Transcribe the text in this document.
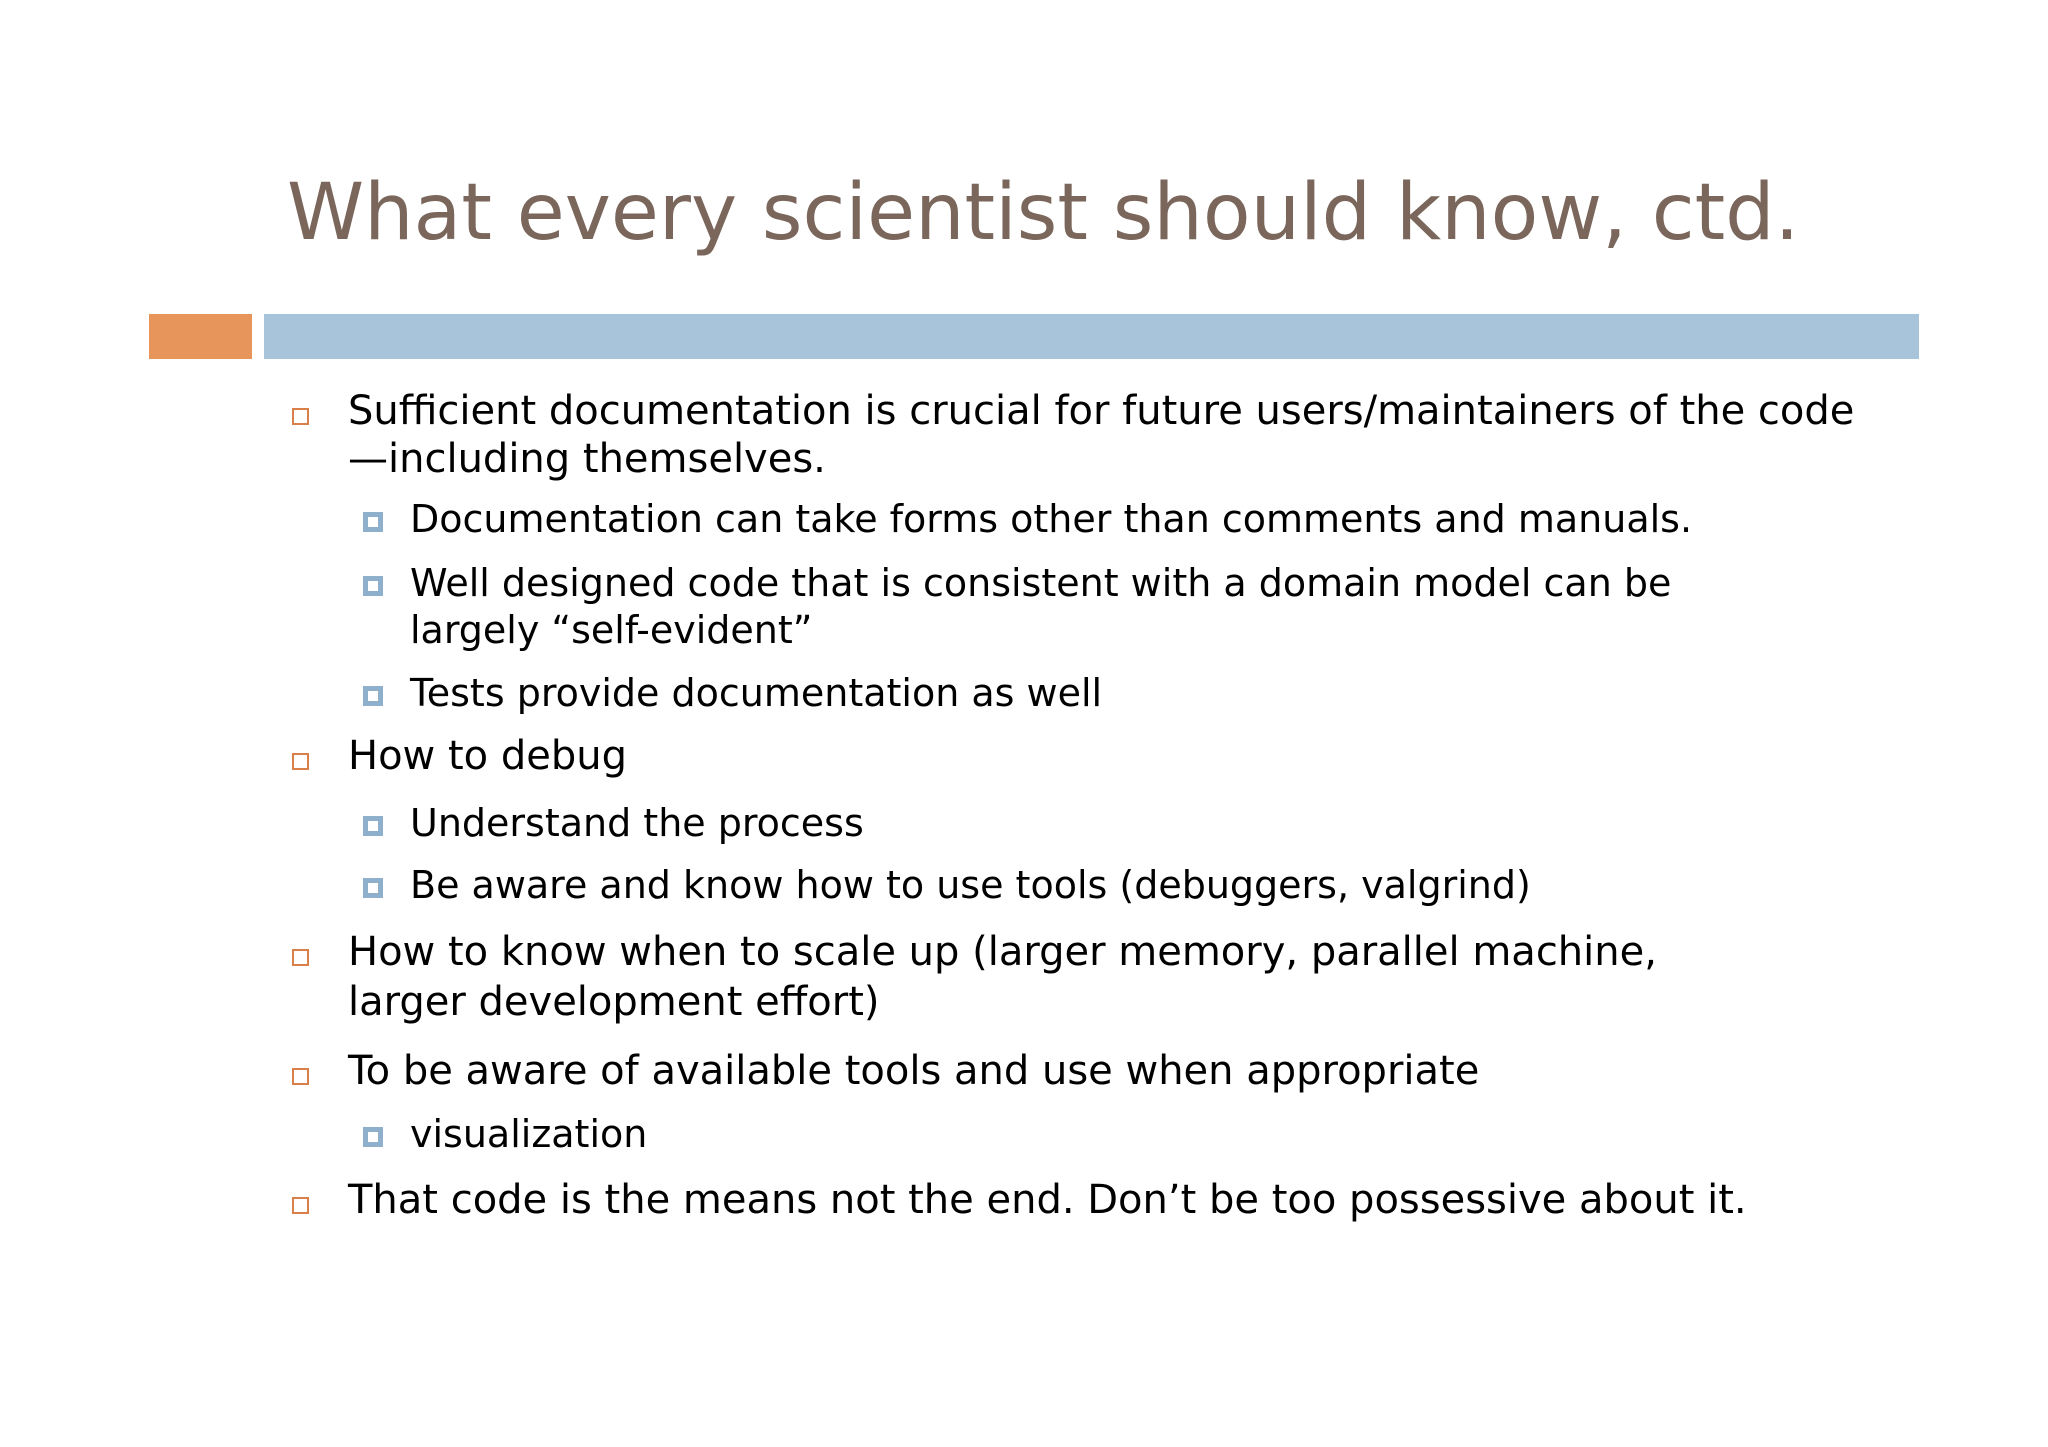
What every scientist should know, ctd.
Sufficient documentation is crucial for future users/maintainers of the code
—including themselves.
Documentation can take forms other than comments and manuals.
Well designed code that is consistent with a domain model can be
largely “self-evident”
Tests provide documentation as well
How to debug
Understand the process
Be aware and know how to use tools (debuggers, valgrind)
How to know when to scale up (larger memory, parallel machine,
larger development effort)
To be aware of available tools and use when appropriate
visualization
That code is the means not the end. Don’t be too possessive about it.
